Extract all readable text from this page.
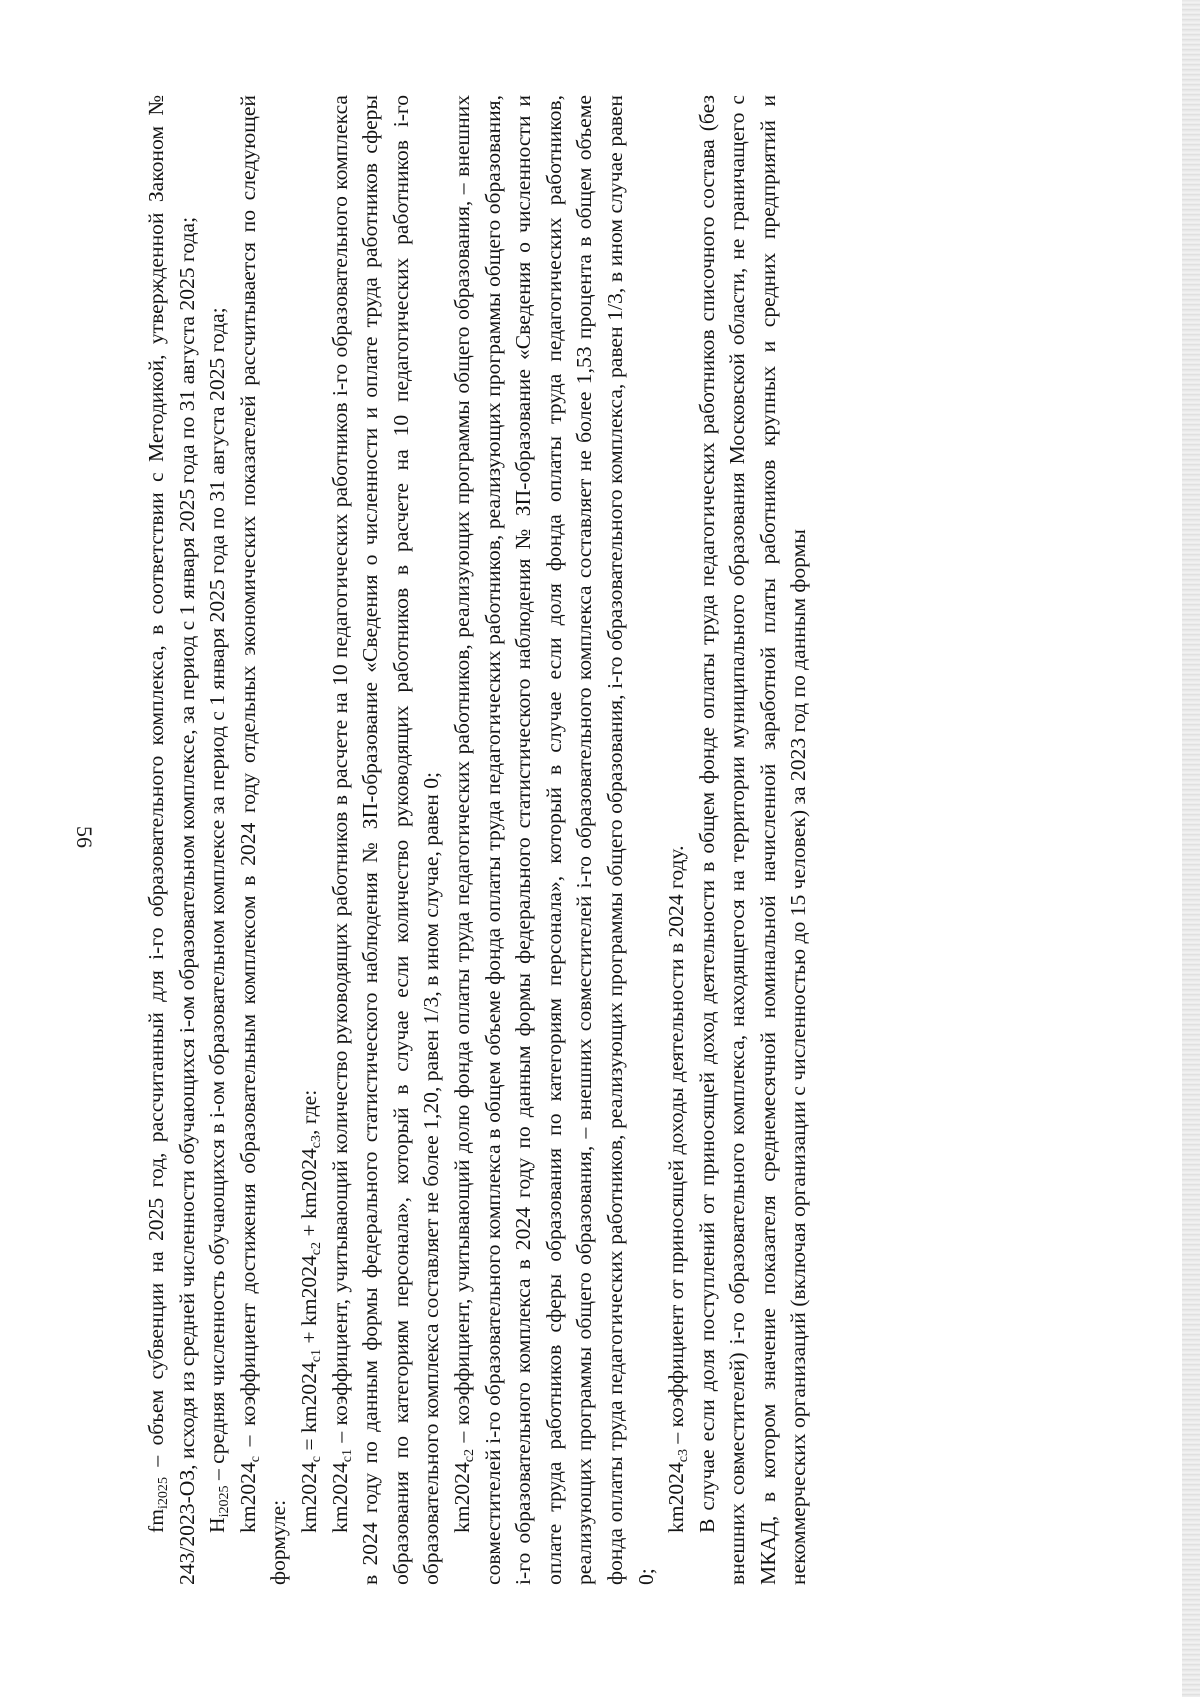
56

$fm_{i2025}$ – объем субвенции на 2025 год, рассчитанный для i-го образовательного комплекса, в соответствии с Методикой, утвержденной Законом № 243/2023-ОЗ, исходя из средней численности обучающихся i-ом образовательном комплексе, за период с 1 января 2025 года по 31 августа 2025 года; $Н_{i2025}$ – средняя численность обучающихся в i-ом образовательном комплексе за период с 1 января 2025 года по 31 августа 2025 года;

$km2024_c$ – коэффициент достижения образовательным комплексом в 2024 году отдельных экономических показателей рассчитывается по следующей формуле:

$km2024_c = km2024_{c1} + km2024_{c2} + km2024_{c3}$, где:

$km2024_{c1}$ – коэффициент, учитывающий количество руководящих работников в расчете на 10 педагогических работников i-го образовательного комплекса в 2024 году по данным формы федерального статистического наблюдения № ЗП-образование «Сведения о численности и оплате труда работников сферы образования по категориям персонала», который в случае если количество руководящих работников в расчете на 10 педагогических работников i-го образовательного комплекса составляет не более 1,20, равен 1/3, в ином случае, равен 0; $km2024_{c2}$ – коэффициент, учитывающий долю фонда оплаты труда педагогических работников, реализующих программы общего образования, – внешних совместителей i-го образовательного комплекса в общем объеме фонда оплаты труда педагогических работников, реализующих программы общего образования, i-го образовательного комплекса в 2024 году по данным формы федерального статистического наблюдения № ЗП-образование «Сведения о численности и оплате труда работников сферы образования по категориям персонала», который в случае если доля фонда оплаты труда педагогических работников, реализующих программы общего образования, – внешних совместителей i-го образовательного комплекса составляет не более 1,53 процента в общем объеме фонда оплаты труда педагогических работников, реализующих программы общего образования, i-го образовательного комплекса, равен 1/3, в ином случае равен 0;

$km2024_{c3}$ – коэффициент от приносящей доходы деятельности в 2024 году. В случае если доля поступлений от приносящей доход деятельности в общем фонде оплаты труда педагогических работников списочного состава (без внешних совместителей) i-го образовательного комплекса, находящегося на территории муниципального образования Московской области, не граничащего с МКАД, в котором значение показателя среднемесячной номинальной начисленной заработной платы работников крупных и средних предприятий и некоммерческих организаций (включая организации с численностью до 15 человек) за 2023 год по данным формы
